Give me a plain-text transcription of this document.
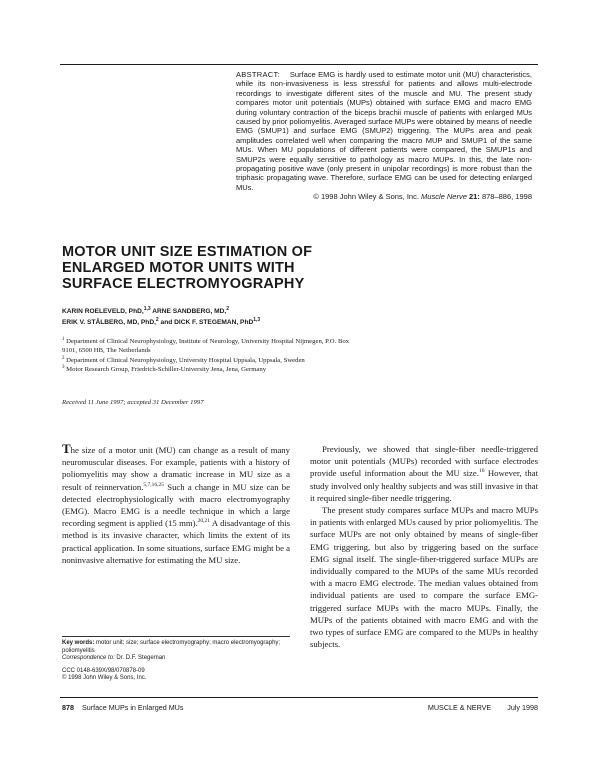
ABSTRACT: Surface EMG is hardly used to estimate motor unit (MU) characteristics, while its non-invasiveness is less stressful for patients and allows multi-electrode recordings to investigate different sites of the muscle and MU. The present study compares motor unit potentials (MUPs) obtained with surface EMG and macro EMG during voluntary contraction of the biceps brachii muscle of patients with enlarged MUs caused by prior poliomyelitis. Averaged surface MUPs were obtained by means of needle EMG (SMUP1) and surface EMG (SMUP2) triggering. The MUPs area and peak amplitudes correlated well when comparing the macro MUP and SMUP1 of the same MUs. When MU populations of different patients were compared, the SMUP1s and SMUP2s were equally sensitive to pathology as macro MUPs. In this, the late non-propagating positive wave (only present in unipolar recordings) is more robust than the triphasic propagating wave. Therefore, surface EMG can be used for detecting enlarged MUs.
© 1998 John Wiley & Sons, Inc. Muscle Nerve 21: 878–886, 1998
MOTOR UNIT SIZE ESTIMATION OF ENLARGED MOTOR UNITS WITH SURFACE ELECTROMYOGRAPHY
KARIN ROELEVELD, PhD,$^{1,3}$ ARNE SANDBERG, MD,$^2$
ERIK V. STÅLBERG, MD, PhD,$^2$ and DICK F. STEGEMAN, PhD$^{1,3}$
$^1$ Department of Clinical Neurophysiology, Institute of Neurology, University Hospital Nijmegen, P.O. Box 9101, 6500 HB, The Netherlands
$^2$ Department of Clinical Neurophysiology, University Hospital Uppsala, Uppsala, Sweden
$^3$ Motor Research Group, Friedrich-Schiller-University Jena, Jena, Germany
Received 11 June 1997; accepted 31 December 1997

The size of a motor unit (MU) can change as a result of many neuromuscular diseases. For example, patients with a history of poliomyelitis may show a dramatic increase in MU size as a result of reinnervation.$^{5,7,16,25}$ Such a change in MU size can be detected electrophysiologically with macro electromyography (EMG). Macro EMG is a needle technique in which a large recording segment is applied (15 mm).$^{20,21}$ A disadvantage of this method is its invasive character, which limits the extent of its practical application. In some situations, surface EMG might be a noninvasive alternative for estimating the MU size.

Previously, we showed that single-fiber needle-triggered motor unit potentials (MUPs) recorded with surface electrodes provide useful information about the MU size.$^{16}$ However, that study involved only healthy subjects and was still invasive in that it required single-fiber needle triggering.

The present study compares surface MUPs and macro MUPs in patients with enlarged MUs caused by prior poliomyelitis. The surface MUPs are not only obtained by means of single-fiber EMG triggering, but also by triggering based on the surface EMG signal itself. The single-fiber-triggered surface MUPs are individually compared to the MUPs of the same MUs recorded with a macro EMG electrode. The median values obtained from individual patients are used to compare the surface EMG-triggered surface MUPs with the macro MUPs. Finally, the MUPs of the patients obtained with macro EMG and with the two types of surface EMG are compared to the MUPs in healthy subjects.

Key words: motor unit; size; surface electromyography; macro electromyography; poliomyelitis
Correspondence to: Dr. D.F. Stegeman
CCC 0148-639X/98/070878-09
© 1998 John Wiley & Sons, Inc.
878 Surface MUPs in Enlarged MUs	MUSCLE & NERVE July 1998
